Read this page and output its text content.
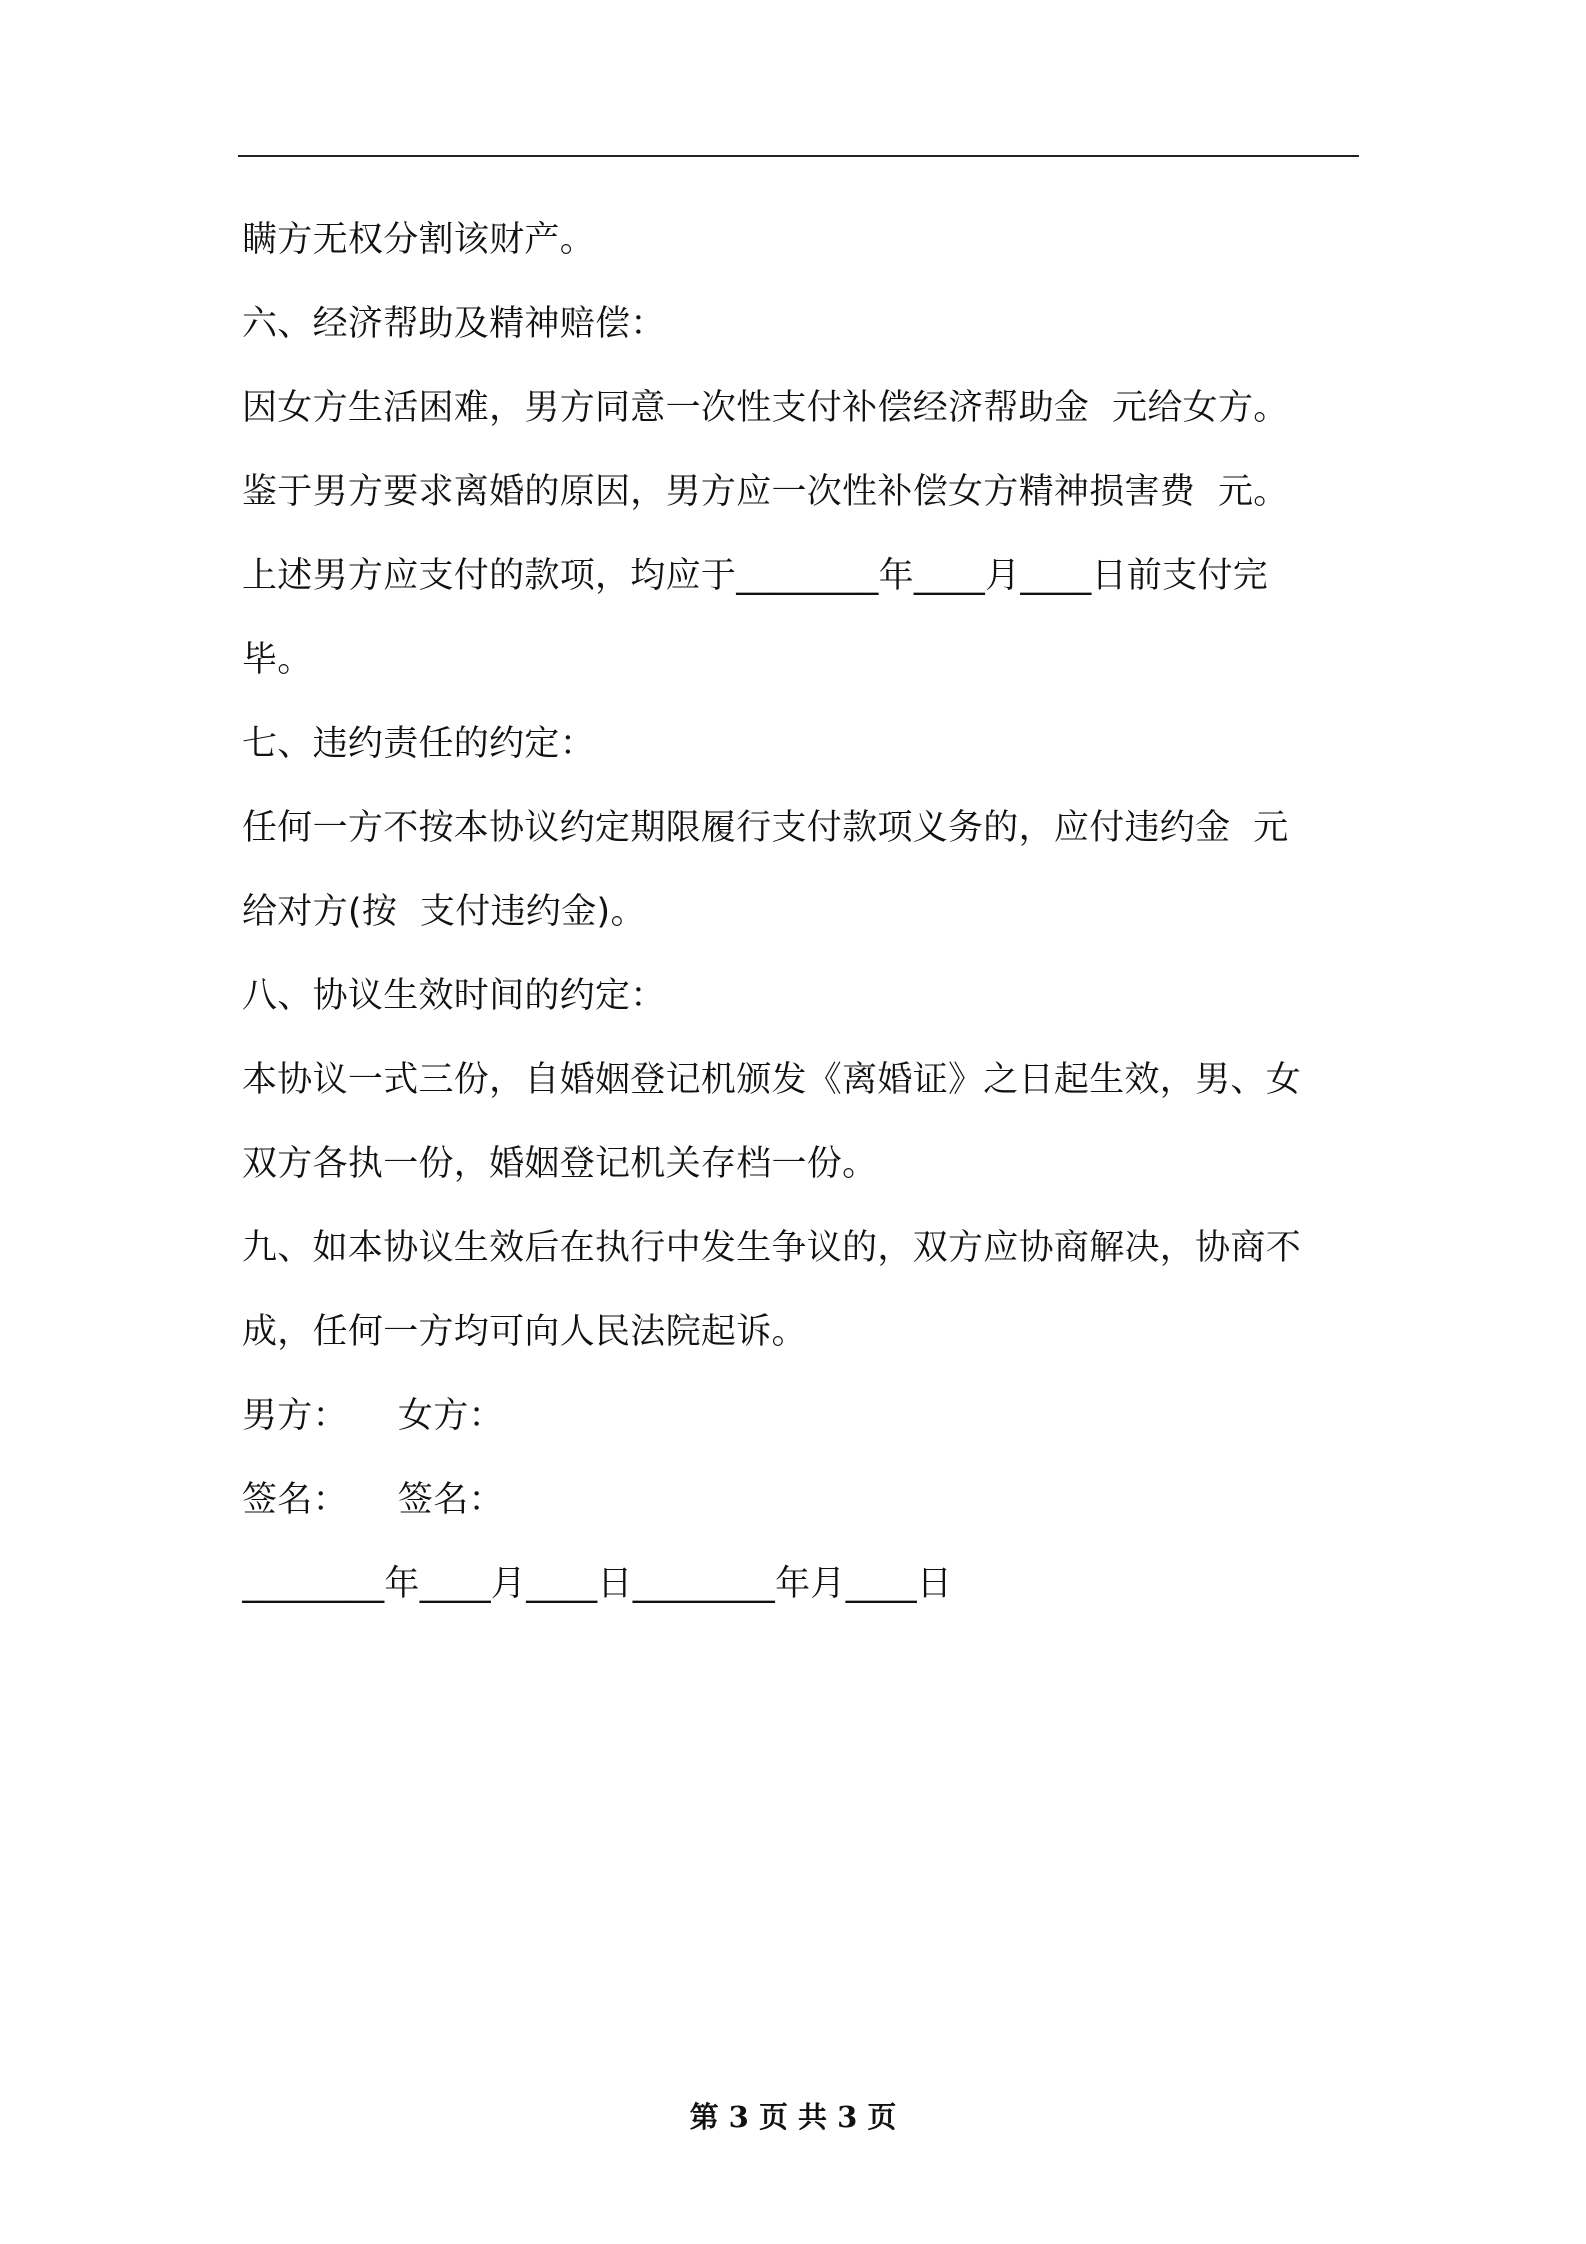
瞒方无权分割该财产。
六、经济帮助及精神赔偿：
因女方生活困难，男方同意一次性支付补偿经济帮助金  元给女方。
鉴于男方要求离婚的原因，男方应一次性补偿女方精神损害费  元。
上述男方应支付的款项，均应于________年____月____日前支付完
毕。
七、违约责任的约定：
任何一方不按本协议约定期限履行支付款项义务的，应付违约金  元
给对方(按  支付违约金)。
八、协议生效时间的约定：
本协议一式三份，自婚姻登记机颁发《离婚证》之日起生效，男、女
双方各执一份，婚姻登记机关存档一份。
九、如本协议生效后在执行中发生争议的，双方应协商解决，协商不
成，任何一方均可向人民法院起诉。
男方： 女方：
签名： 签名：
________年____月____日________年月____日
第 3 页 共 3 页
